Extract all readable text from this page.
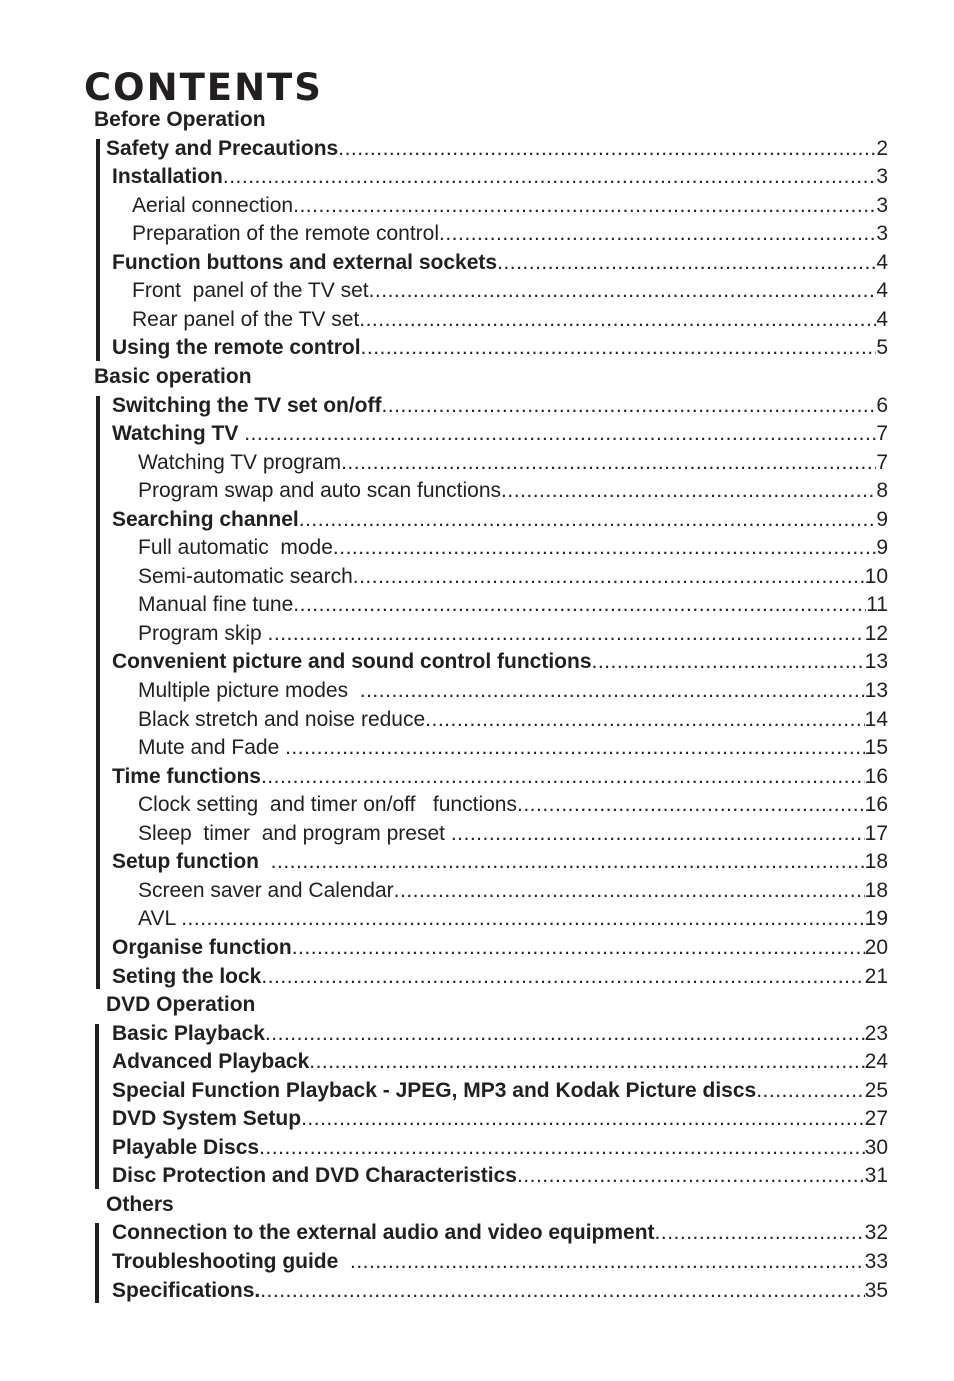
CONTENTS
Before Operation
Safety and Precautions .....	2
Installation .....	3
Aerial connection .....	3
Preparation of the remote control .....	3
Function buttons and external sockets .....	4
Front  panel of the TV set .....	4
Rear panel of the TV set .....	4
Using the remote control .....	5
Basic operation
Switching the TV set on/off .....	6
Watching TV .....	7
Watching TV program .....	7
Program swap and auto scan functions .....	8
Searching channel .....	9
Full automatic  mode .....	9
Semi-automatic search .....	10
Manual fine tune .....	11
Program skip .....	12
Convenient picture and sound control functions .....	13
Multiple picture modes .....	13
Black stretch and noise reduce .....	14
Mute and Fade .....	15
Time functions .....	16
Clock setting  and timer on/off   functions .....	16
Sleep  timer  and program preset .....	17
Setup function .....	18
Screen saver and Calendar .....	18
AVL .....	19
Organise function .....	20
Seting the lock .....	21
DVD Operation
Basic Playback .....	23
Advanced Playback .....	24
Special Function Playback - JPEG, MP3 and Kodak Picture discs .....	25
DVD System Setup .....	27
Playable Discs .....	30
Disc Protection and DVD Characteristics .....	31
Others
Connection to the external audio and video equipment .....	32
Troubleshooting guide .....	33
Specifications. .....	35
